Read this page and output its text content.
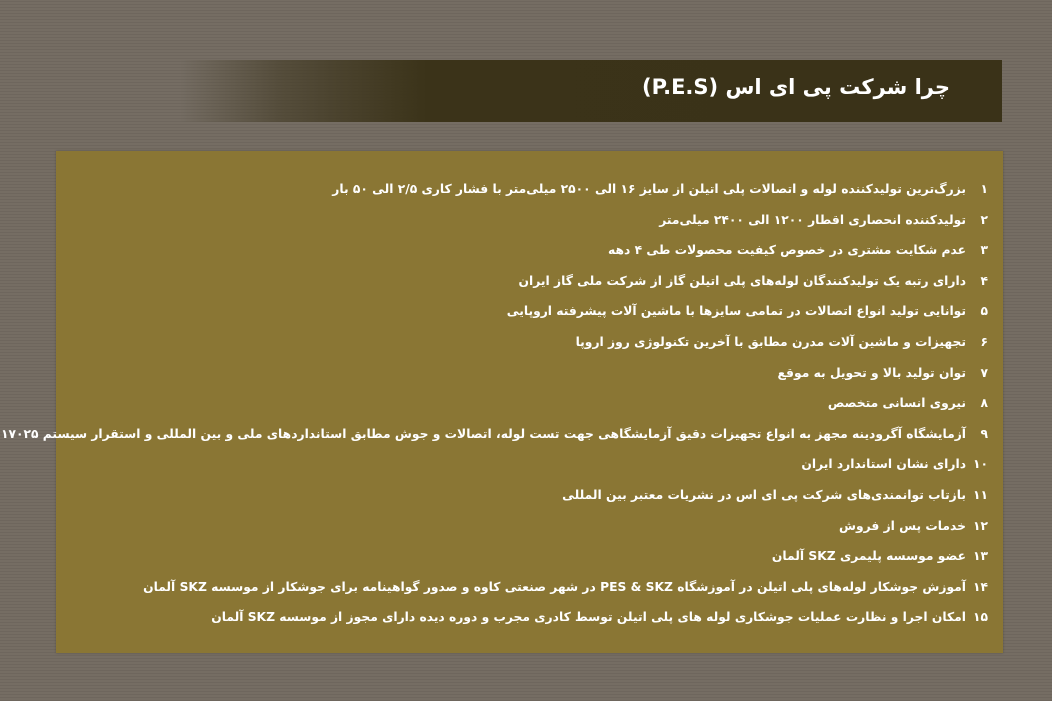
چرا شرکت پی ای اس (P.E.S)
۱
بزرگ‌ترین تولیدکننده لوله و اتصالات پلی اتیلن از سایز ۱۶ الی ۲۵۰۰ میلی‌متر با فشار کاری ۲/۵ الی ۵۰ بار
۲
تولیدکننده انحصاری اقطار ۱۲۰۰ الی ۲۴۰۰ میلی‌متر
۳
عدم شکایت مشتری در خصوص کیفیت محصولات طی ۴ دهه
۴
دارای رتبه یک تولیدکنندگان لوله‌های پلی اتیلن گاز از شرکت ملی گاز ایران
۵
توانایی تولید انواع اتصالات در تمامی سایزها با ماشین آلات پیشرفته اروپایی
۶
تجهیزات و ماشین آلات مدرن مطابق با آخرین تکنولوژی روز اروپا
۷
توان تولید بالا و تحویل به موقع
۸
نیروی انسانی متخصص
۹
آزمایشگاه آگرودینه مجهز به انواع تجهیزات دقیق آزمایشگاهی جهت تست لوله، اتصالات و جوش مطابق استانداردهای ملی و بین المللی و استقرار سیستم ۱۷۰۲۵
۱۰
دارای نشان استاندارد ایران
۱۱
بازتاب توانمندی‌های شرکت پی ای اس در نشریات معتبر بین المللی
۱۲
خدمات پس از فروش
۱۳
عضو موسسه پلیمری SKZ آلمان
۱۴
آموزش جوشکار لوله‌های پلی اتیلن در آموزشگاه PES & SKZ در شهر صنعتی کاوه و صدور گواهینامه برای جوشکار از موسسه SKZ آلمان
۱۵
امکان اجرا و نظارت عملیات جوشکاری لوله های پلی اتیلن توسط کادری مجرب و دوره دیده دارای مجوز از موسسه SKZ آلمان
